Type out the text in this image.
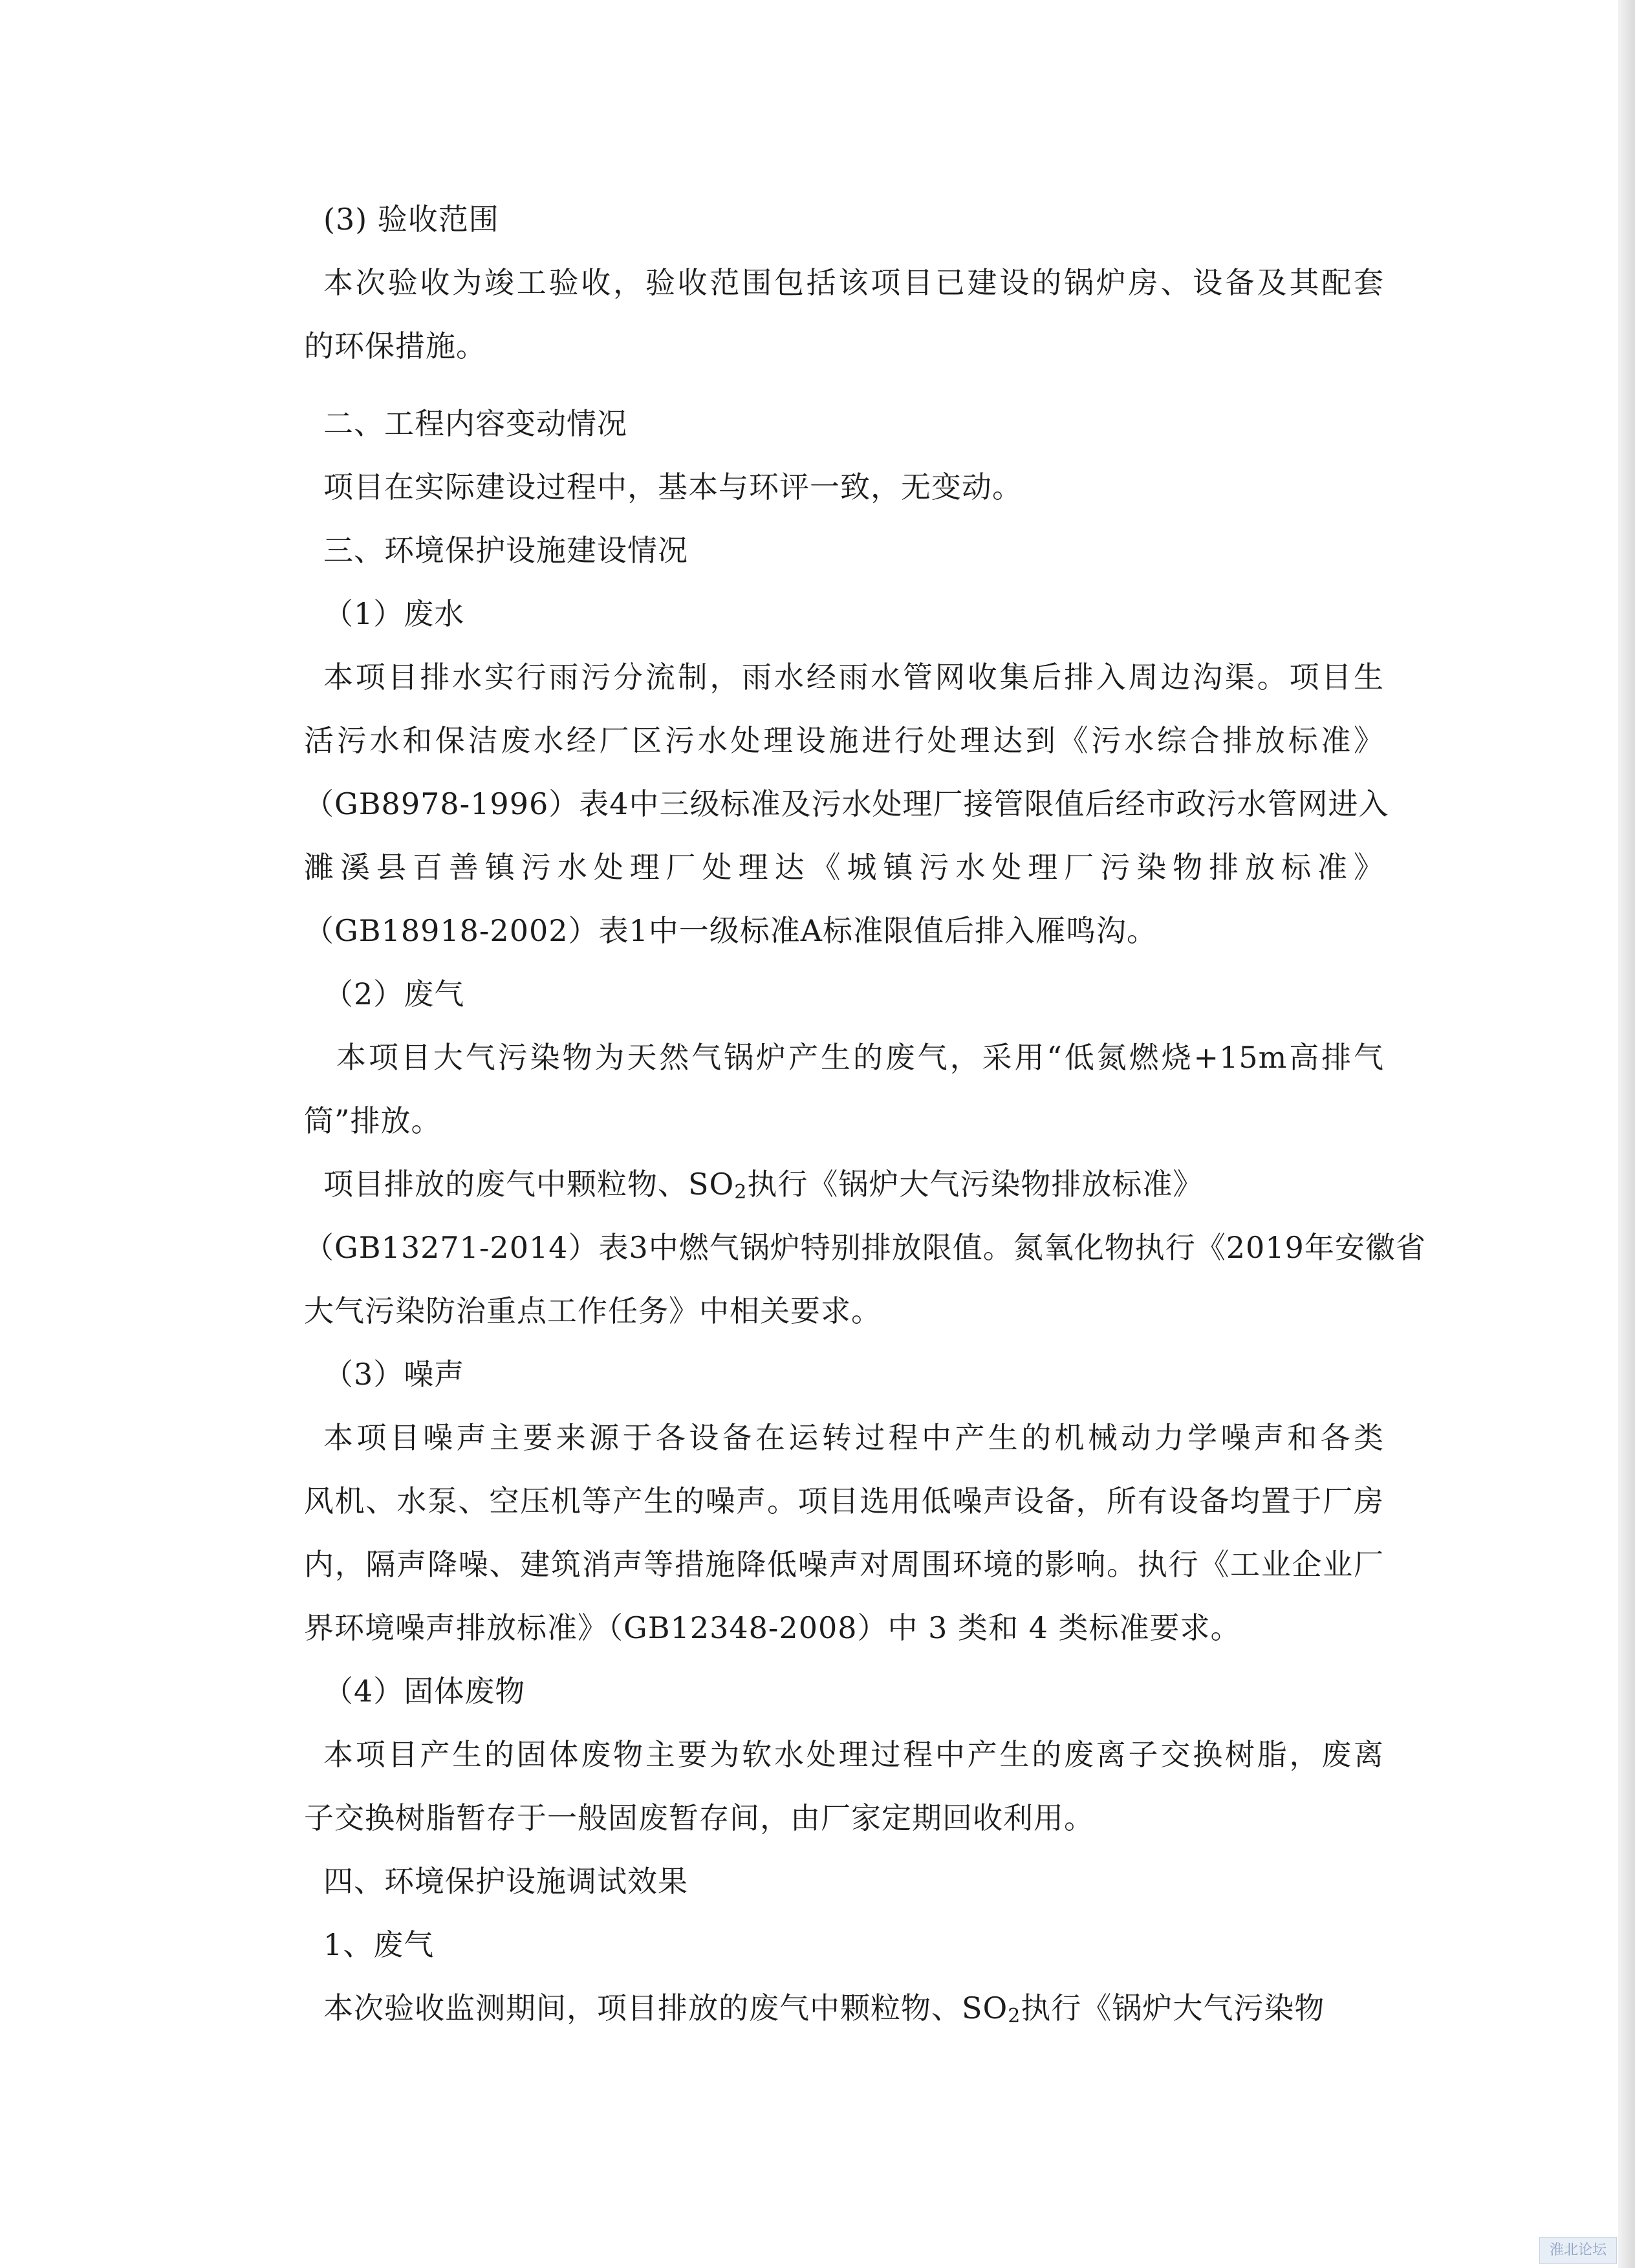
(3) 验收范围
本次验收为竣工验收，验收范围包括该项目已建设的锅炉房、设备及其配套
的环保措施。
二、工程内容变动情况
项目在实际建设过程中，基本与环评一致，无变动。
三、环境保护设施建设情况
（1）废水
本项目排水实行雨污分流制，雨水经雨水管网收集后排入周边沟渠。项目生
活污水和保洁废水经厂区污水处理设施进行处理达到《污水综合排放标准》
（GB8978-1996）表4中三级标准及污水处理厂接管限值后经市政污水管网进入
濉溪县百善镇污水处理厂处理达《城镇污水处理厂污染物排放标准》
（GB18918-2002）表1中一级标准A标准限值后排入雁鸣沟。
（2）废气
本项目大气污染物为天然气锅炉产生的废气，采用“低氮燃烧+15m高排气
筒”排放。
项目排放的废气中颗粒物、$SO_2$执行《锅炉大气污染物排放标准》
（GB13271-2014）表3中燃气锅炉特别排放限值。氮氧化物执行《2019年安徽省
大气污染防治重点工作任务》中相关要求。
（3）噪声
本项目噪声主要来源于各设备在运转过程中产生的机械动力学噪声和各类
风机、水泵、空压机等产生的噪声。项目选用低噪声设备，所有设备均置于厂房
内，隔声降噪、建筑消声等措施降低噪声对周围环境的影响。执行《工业企业厂
界环境噪声排放标准》（GB12348-2008）中 3 类和 4 类标准要求。
（4）固体废物
本项目产生的固体废物主要为软水处理过程中产生的废离子交换树脂，废离
子交换树脂暂存于一般固废暂存间，由厂家定期回收利用。
四、环境保护设施调试效果
1、废气
本次验收监测期间，项目排放的废气中颗粒物、$SO_2$执行《锅炉大气污染物
淮北论坛
